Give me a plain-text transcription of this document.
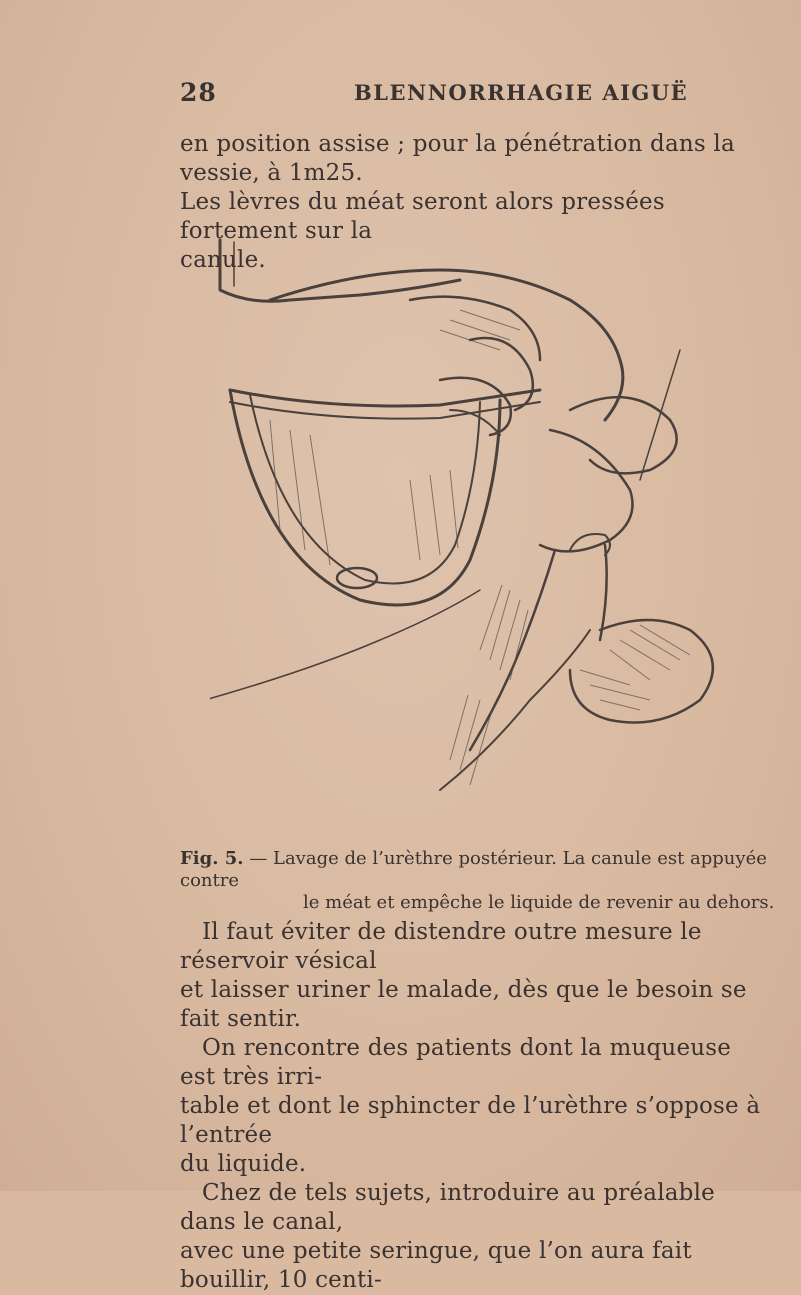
28	BLENNORRHAGIE AIGUË
en position assise ; pour la pénétration dans la vessie, à 1m25.
Les lèvres du méat seront alors pressées fortement sur la
canule.
Fig. 5. — Lavage de l’urèthre postérieur. La canule est appuyée contre
le méat et empêche le liquide de revenir au dehors.
Il faut éviter de distendre outre mesure le réservoir vésical
et laisser uriner le malade, dès que le besoin se fait sentir.
On rencontre des patients dont la muqueuse est très irri-
table et dont le sphincter de l’urèthre s’oppose à l’entrée
du liquide.
Chez de tels sujets, introduire au préalable dans le canal,
avec une petite seringue, que l’on aura fait bouillir, 10 centi-
